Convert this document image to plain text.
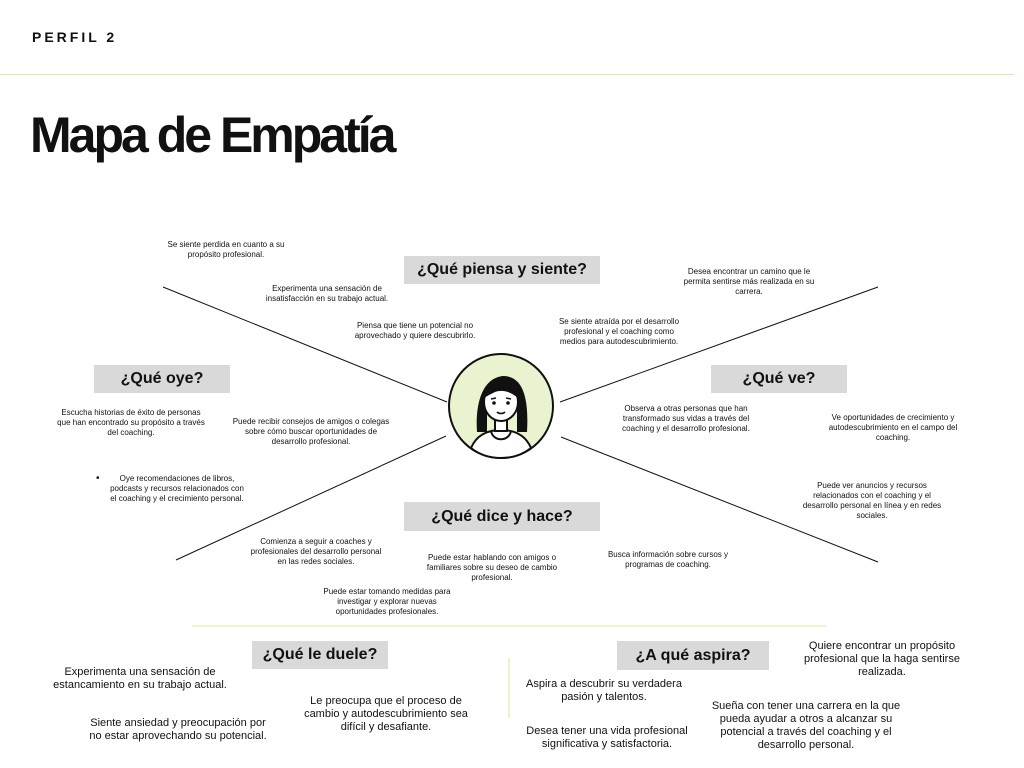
PERFIL 2
Mapa de Empatía
¿Qué piensa y siente?
¿Qué oye?	¿Qué ve?
¿Qué dice y hace?
¿Qué le duele?	¿A qué aspira?
Se siente perdida en cuanto a su propósito profesional.
Experimenta una sensación de insatisfacción en su trabajo actual.
Piensa que tiene un potencial no aprovechado y quiere descubrirlo.
Se siente atraída por el desarrollo profesional y el coaching como medios para autodescubrimiento.
Desea encontrar un camino que le permita sentirse más realizada en su carrera.
Escucha historias de éxito de personas que han encontrado su propósito a través del coaching.
Puede recibir consejos de amigos o colegas sobre cómo buscar oportunidades de desarrollo profesional.
•	Oye recomendaciones de libros, podcasts y recursos relacionados con el coaching y el crecimiento personal.
Observa a otras personas que han transformado sus vidas a través del coaching y el desarrollo profesional.
Ve oportunidades de crecimiento y autodescubrimiento en el campo del coaching.
Puede ver anuncios y recursos relacionados con el coaching y el desarrollo personal en línea y en redes sociales.
Comienza a seguir a coaches y profesionales del desarrollo personal en las redes sociales.	Puede estar hablando con amigos o familiares sobre su deseo de cambio profesional.
Busca información sobre cursos y programas de coaching.
Puede estar tomando medidas para investigar y explorar nuevas oportunidades profesionales.
Experimenta una sensación de estancamiento en su trabajo actual.
Le preocupa que el proceso de cambio y autodescubrimiento sea difícil y desafiante.
Siente ansiedad y preocupación por no estar aprovechando su potencial.
Quiere encontrar un propósito profesional que la haga sentirse realizada.
Aspira a descubrir su verdadera pasión y talentos.
Sueña con tener una carrera en la que pueda ayudar a otros a alcanzar su potencial a través del coaching y el desarrollo personal.
Desea tener una vida profesional significativa y satisfactoria.
